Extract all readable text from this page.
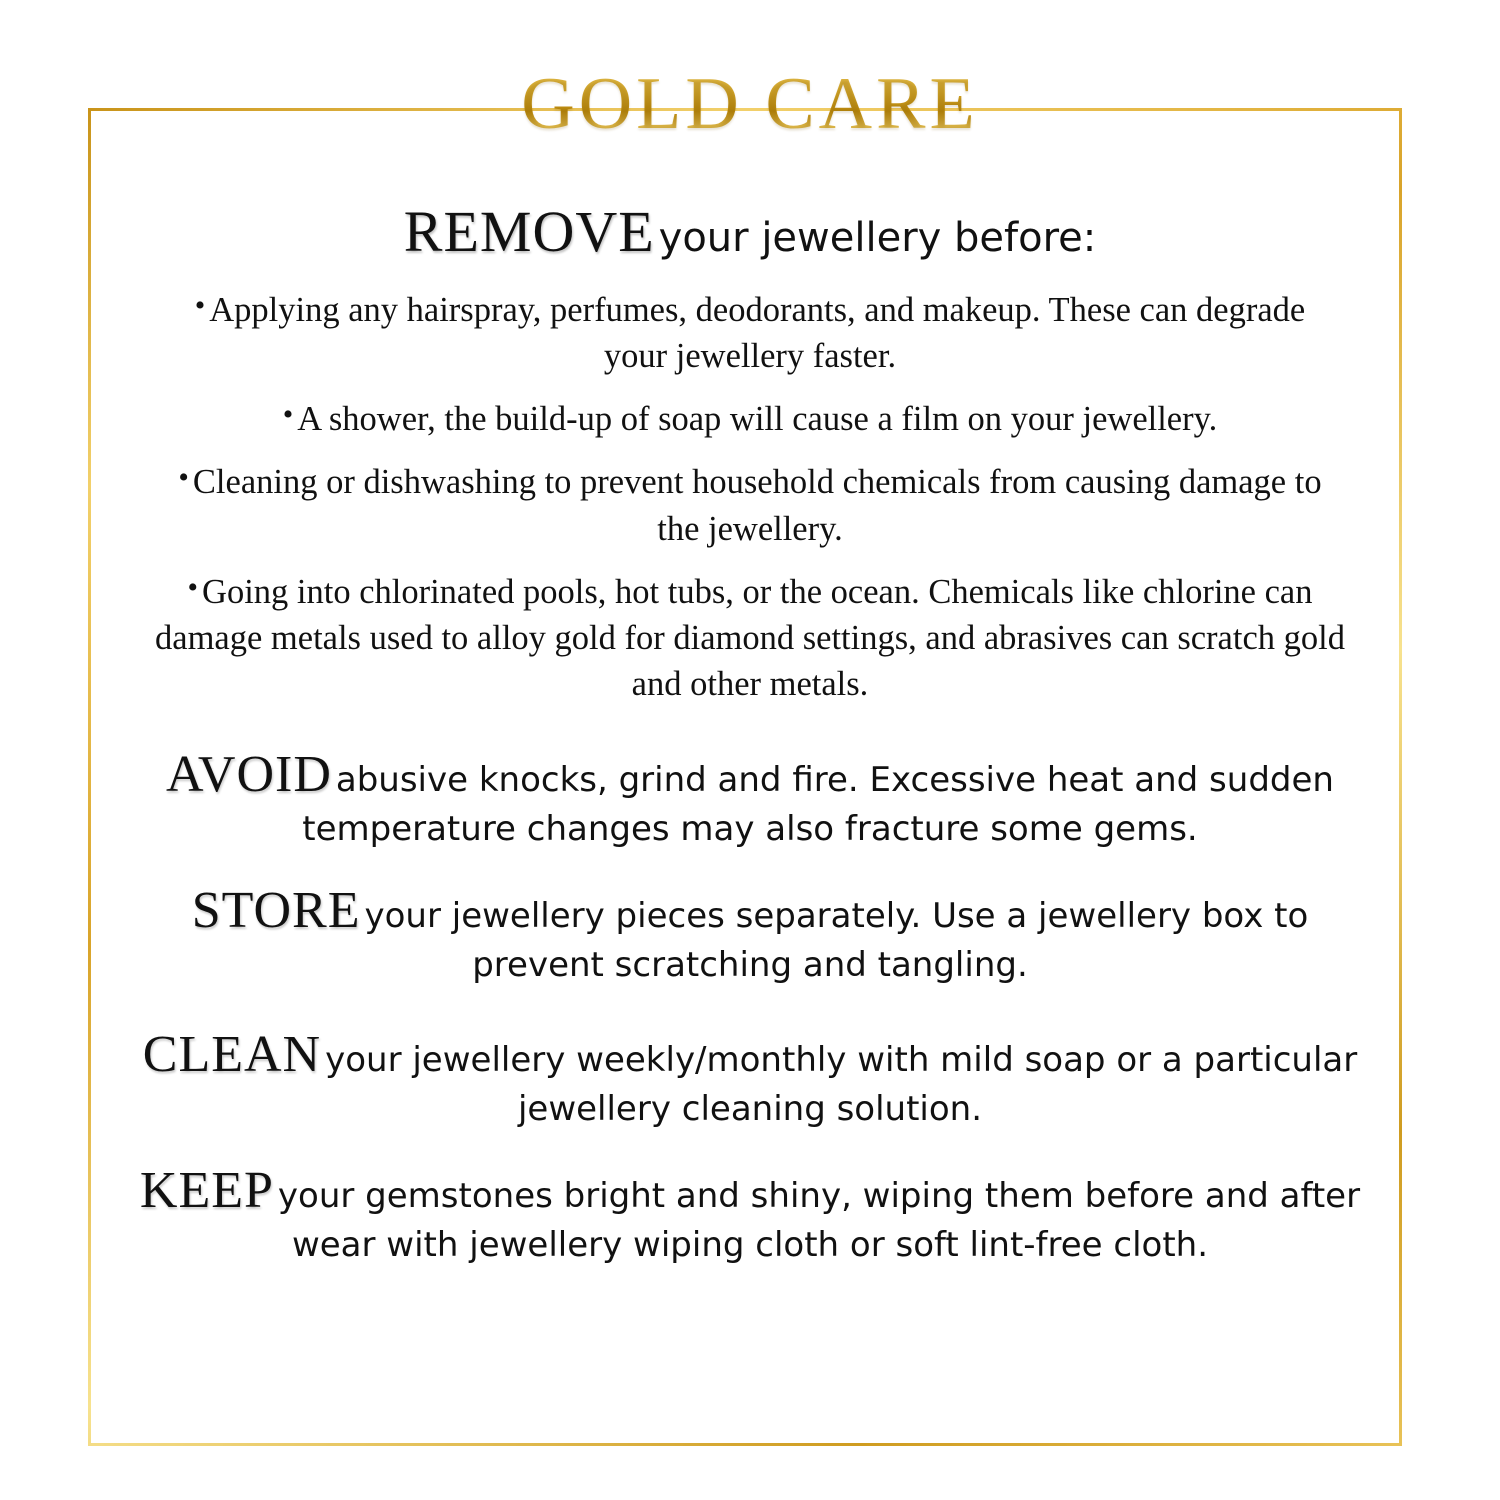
GOLD CARE
REMOVE your jewellery before:
• Applying any hairspray, perfumes, deodorants, and makeup. These can degrade your jewellery faster.
• A shower, the build-up of soap will cause a film on your jewellery.
• Cleaning or dishwashing to prevent household chemicals from causing damage to the jewellery.
• Going into chlorinated pools, hot tubs, or the ocean. Chemicals like chlorine can damage metals used to alloy gold for diamond settings, and abrasives can scratch gold and other metals.

AVOID abusive knocks, grind and fire. Excessive heat and sudden temperature changes may also fracture some gems.

STORE your jewellery pieces separately. Use a jewellery box to prevent scratching and tangling.

CLEAN your jewellery weekly/monthly with mild soap or a particular jewellery cleaning solution.

KEEP your gemstones bright and shiny, wiping them before and after wear with jewellery wiping cloth or soft lint-free cloth.
